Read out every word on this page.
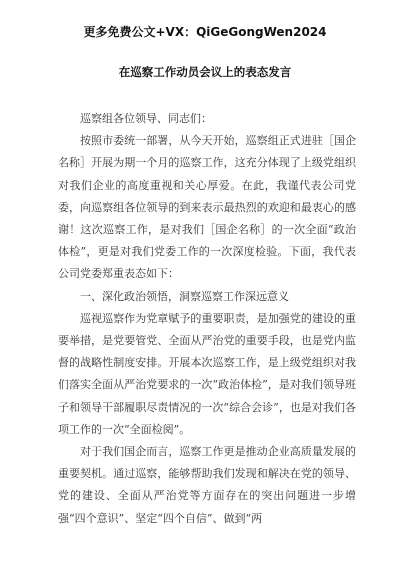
更多免费公文+VX：QiGeGongWen2024
在巡察工作动员会议上的表态发言

巡察组各位领导、同志们：

按照市委统一部署，从今天开始，巡察组正式进驻［国企名称］开展为期一个月的巡察工作，这充分体现了上级党组织对我们企业的高度重视和关心厚爱。在此，我谨代表公司党委，向巡察组各位领导的到来表示最热烈的欢迎和最衷心的感谢！这次巡察工作，是对我们［国企名称］的一次全面“政治体检”，更是对我们党委工作的一次深度检验。下面，我代表公司党委郑重表态如下：

一、深化政治领悟，洞察巡察工作深远意义

巡视巡察作为党章赋予的重要职责，是加强党的建设的重要举措，是党要管党、全面从严治党的重要手段，也是党内监督的战略性制度安排。开展本次巡察工作，是上级党组织对我们落实全面从严治党要求的一次“政治体检”，是对我们领导班子和领导干部履职尽责情况的一次“综合会诊”，也是对我们各项工作的一次“全面检阅”。

对于我们国企而言，巡察工作更是推动企业高质量发展的重要契机。通过巡察，能够帮助我们发现和解决在党的领导、党的建设、全面从严治党等方面存在的突出问题进一步增强“四个意识”、坚定“四个自信”、做到“两
